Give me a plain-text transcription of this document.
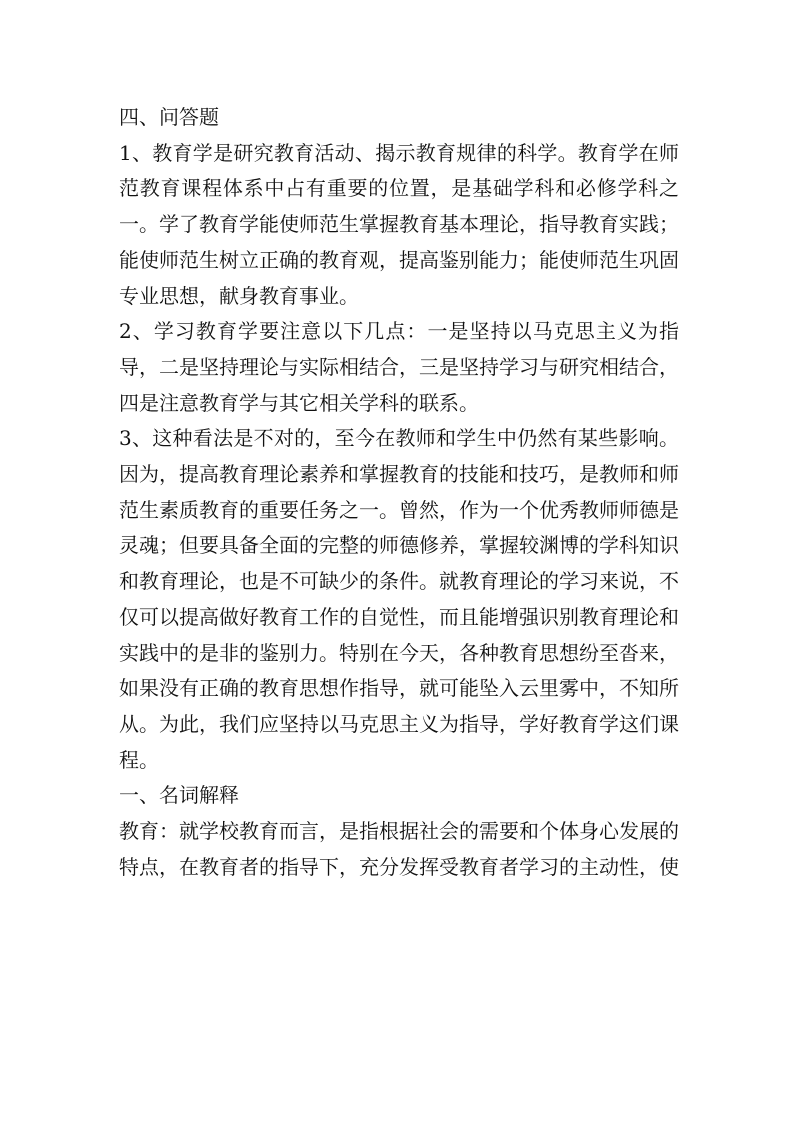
四、问答题

1、教育学是研究教育活动、揭示教育规律的科学。教育学在师范教育课程体系中占有重要的位置，是基础学科和必修学科之一。学了教育学能使师范生掌握教育基本理论，指导教育实践；能使师范生树立正确的教育观，提高鉴别能力；能使师范生巩固专业思想，献身教育事业。

2、学习教育学要注意以下几点：一是坚持以马克思主义为指导，二是坚持理论与实际相结合，三是坚持学习与研究相结合，四是注意教育学与其它相关学科的联系。

3、这种看法是不对的，至今在教师和学生中仍然有某些影响。因为，提高教育理论素养和掌握教育的技能和技巧，是教师和师范生素质教育的重要任务之一。曾然，作为一个优秀教师师德是灵魂；但要具备全面的完整的师德修养，掌握较渊博的学科知识和教育理论，也是不可缺少的条件。就教育理论的学习来说，不仅可以提高做好教育工作的自觉性，而且能增强识别教育理论和实践中的是非的鉴别力。特别在今天，各种教育思想纷至沓来，如果没有正确的教育思想作指导，就可能坠入云里雾中，不知所从。为此，我们应坚持以马克思主义为指导，学好教育学这们课程。

一、名词解释

教育：就学校教育而言，是指根据社会的需要和个体身心发展的特点，在教育者的指导下，充分发挥受教育者学习的主动性，使
